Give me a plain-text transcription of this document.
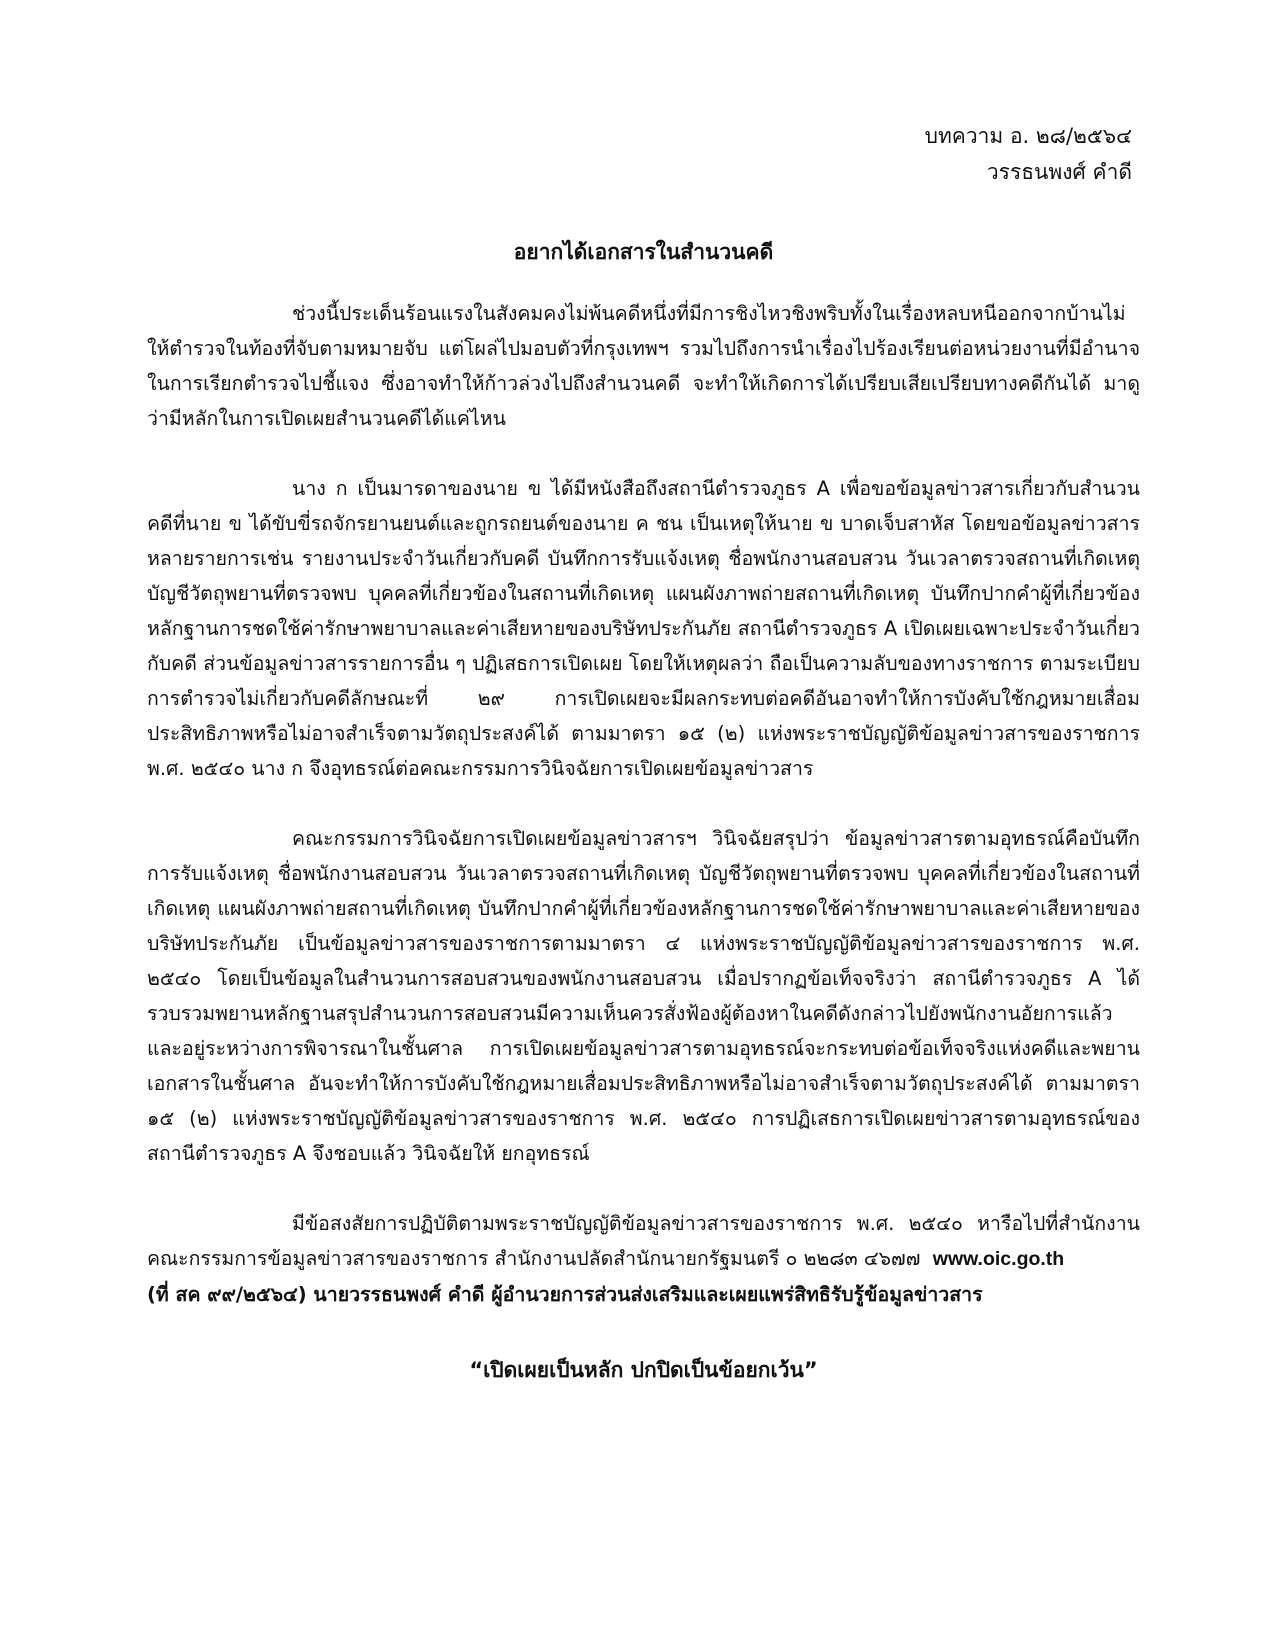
บทความ อ. ๒๘/๒๕๖๔
วรรธนพงศ์ คำดี
อยากได้เอกสารในสำนวนคดี

ช่วงนี้ประเด็นร้อนแรงในสังคมคงไม่พ้นคดีหนึ่งที่มีการชิงไหวชิงพริบทั้งในเรื่องหลบหนีออกจากบ้านไม่ให้ตำรวจในท้องที่จับตามหมายจับ แต่โผล่ไปมอบตัวที่กรุงเทพฯ รวมไปถึงการนำเรื่องไปร้องเรียนต่อหน่วยงานที่มีอำนาจในการเรียกตำรวจไปชี้แจง ซึ่งอาจทำให้ก้าวล่วงไปถึงสำนวนคดี จะทำให้เกิดการได้เปรียบเสียเปรียบทางคดีกันได้ มาดูว่ามีหลักในการเปิดเผยสำนวนคดีได้แค่ไหน

นาง ก เป็นมารดาของนาย ข ได้มีหนังสือถึงสถานีตำรวจภูธร A เพื่อขอข้อมูลข่าวสารเกี่ยวกับสำนวนคดีที่นาย ข ได้ขับขี่รถจักรยานยนต์และถูกรถยนต์ของนาย ค ชน เป็นเหตุให้นาย ข บาดเจ็บสาหัส โดยขอข้อมูลข่าวสารหลายรายการเช่น รายงานประจำวันเกี่ยวกับคดี บันทึกการรับแจ้งเหตุ ชื่อพนักงานสอบสวน วันเวลาตรวจสถานที่เกิดเหตุ บัญชีวัตถุพยานที่ตรวจพบ บุคคลที่เกี่ยวข้องในสถานที่เกิดเหตุ แผนผังภาพถ่ายสถานที่เกิดเหตุ บันทึกปากคำผู้ที่เกี่ยวข้องหลักฐานการชดใช้ค่ารักษาพยาบาลและค่าเสียหายของบริษัทประกันภัย สถานีตำรวจภูธร A เปิดเผยเฉพาะประจำวันเกี่ยวกับคดี ส่วนข้อมูลข่าวสารรายการอื่น ๆ ปฏิเสธการเปิดเผย โดยให้เหตุผลว่า ถือเป็นความลับของทางราชการ ตามระเบียบการตำรวจไม่เกี่ยวกับคดีลักษณะที่ ๒๙ การเปิดเผยจะมีผลกระทบต่อคดีอันอาจทำให้การบังคับใช้กฎหมายเสื่อมประสิทธิภาพหรือไม่อาจสำเร็จตามวัตถุประสงค์ได้ ตามมาตรา ๑๕ (๒) แห่งพระราชบัญญัติข้อมูลข่าวสารของราชการ พ.ศ. ๒๕๔๐ นาง ก จึงอุทธรณ์ต่อคณะกรรมการวินิจฉัยการเปิดเผยข้อมูลข่าวสาร

คณะกรรมการวินิจฉัยการเปิดเผยข้อมูลข่าวสารฯ วินิจฉัยสรุปว่า ข้อมูลข่าวสารตามอุทธรณ์คือบันทึกการรับแจ้งเหตุ ชื่อพนักงานสอบสวน วันเวลาตรวจสถานที่เกิดเหตุ บัญชีวัตถุพยานที่ตรวจพบ บุคคลที่เกี่ยวข้องในสถานที่เกิดเหตุ แผนผังภาพถ่ายสถานที่เกิดเหตุ บันทึกปากคำผู้ที่เกี่ยวข้องหลักฐานการชดใช้ค่ารักษาพยาบาลและค่าเสียหายของบริษัทประกันภัย เป็นข้อมูลข่าวสารของราชการตามมาตรา ๔ แห่งพระราชบัญญัติข้อมูลข่าวสารของราชการ พ.ศ. ๒๕๔๐ โดยเป็นข้อมูลในสำนวนการสอบสวนของพนักงานสอบสวน เมื่อปรากฏข้อเท็จจริงว่า สถานีตำรวจภูธร A ได้รวบรวมพยานหลักฐานสรุปสำนวนการสอบสวนมีความเห็นควรสั่งฟ้องผู้ต้องหาในคดีดังกล่าวไปยังพนักงานอัยการแล้ว และอยู่ระหว่างการพิจารณาในชั้นศาล การเปิดเผยข้อมูลข่าวสารตามอุทธรณ์จะกระทบต่อข้อเท็จจริงแห่งคดีและพยานเอกสารในชั้นศาล อันจะทำให้การบังคับใช้กฎหมายเสื่อมประสิทธิภาพหรือไม่อาจสำเร็จตามวัตถุประสงค์ได้ ตามมาตรา ๑๕ (๒) แห่งพระราชบัญญัติข้อมูลข่าวสารของราชการ พ.ศ. ๒๕๔๐ การปฏิเสธการเปิดเผยข่าวสารตามอุทธรณ์ของสถานีตำรวจภูธร A จึงชอบแล้ว วินิจฉัยให้ ยกอุทธรณ์

มีข้อสงสัยการปฏิบัติตามพระราชบัญญัติข้อมูลข่าวสารของราชการ พ.ศ. ๒๕๔๐ หารือไปที่สำนักงานคณะกรรมการข้อมูลข่าวสารของราชการ สำนักงานปลัดสำนักนายกรัฐมนตรี ๐ ๒๒๘๓ ๔๖๗๗ www.oic.go.th

(ที่ สค ๙๙/๒๕๖๔) นายวรรธนพงศ์ คำดี ผู้อำนวยการส่วนส่งเสริมและเผยแพร่สิทธิรับรู้ข้อมูลข่าวสาร

“เปิดเผยเป็นหลัก ปกปิดเป็นข้อยกเว้น”
